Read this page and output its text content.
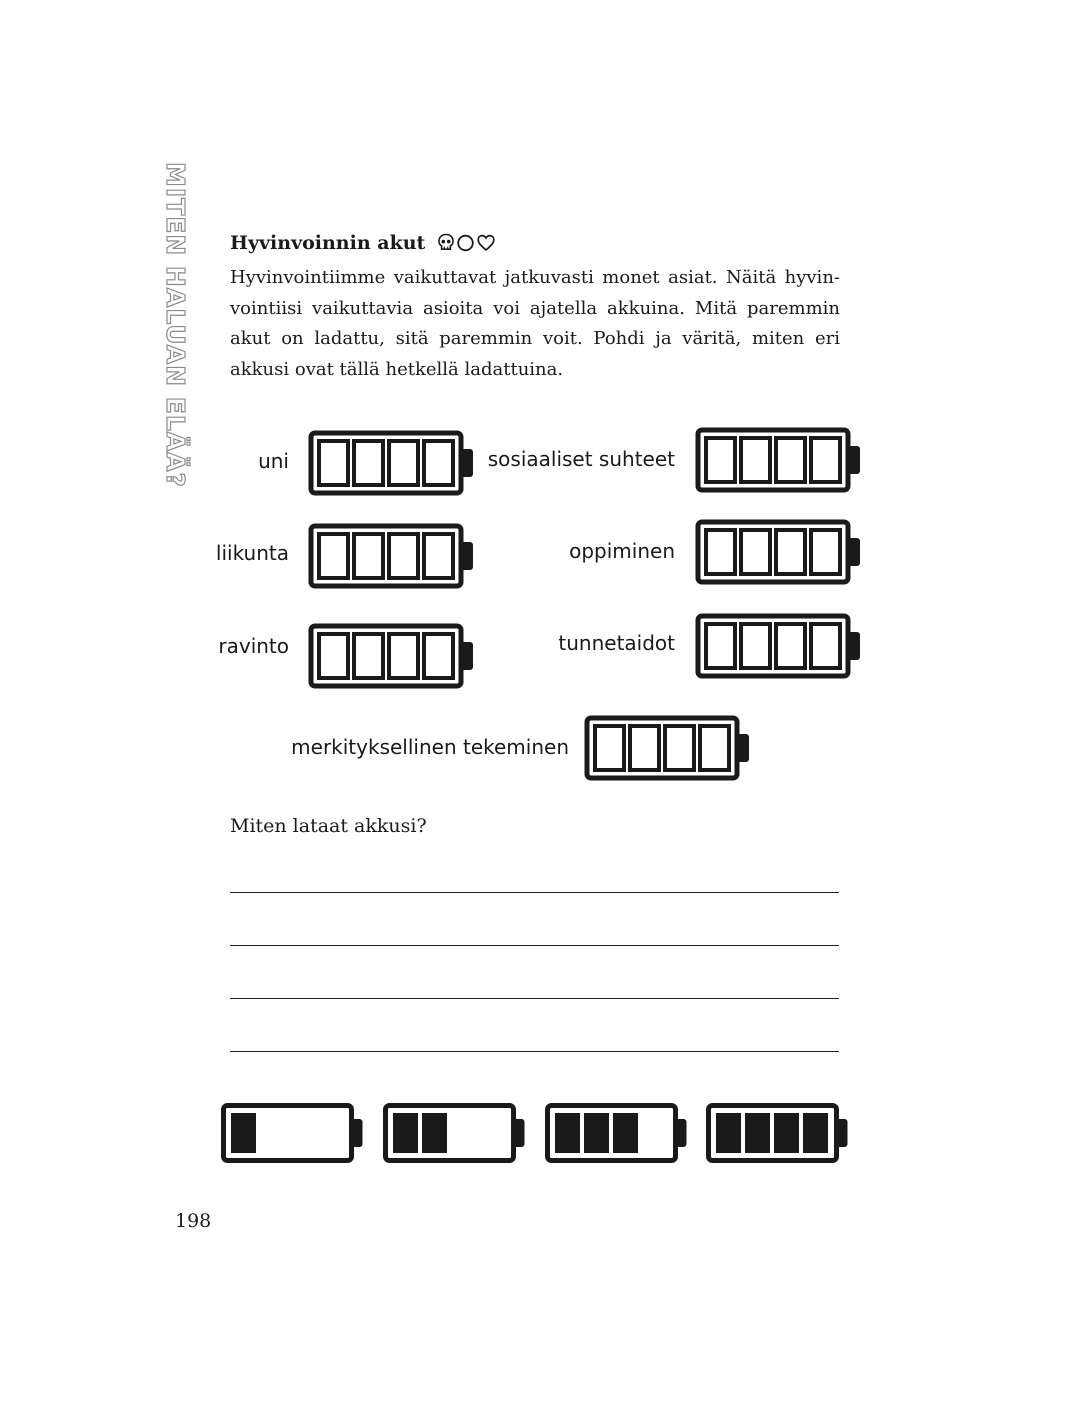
MITEN HALUAN ELÄÄ? Hyvinvoinnin akut

Hyvinvointiimme vaikuttavat jatkuvasti monet asiat. Näitä hyvin-vointiisi vaikuttavia asioita voi ajatella akkuina. Mitä paremmin akut on ladattu, sitä paremmin voit. Pohdi ja väritä, miten eri akkusi ovat tällä hetkellä ladattuina.

uni
liikunta
ravinto
sosiaaliset suhteet
oppiminen
tunnetaidot
merkityksellinen tekeminen
Miten lataat akkusi?
198
